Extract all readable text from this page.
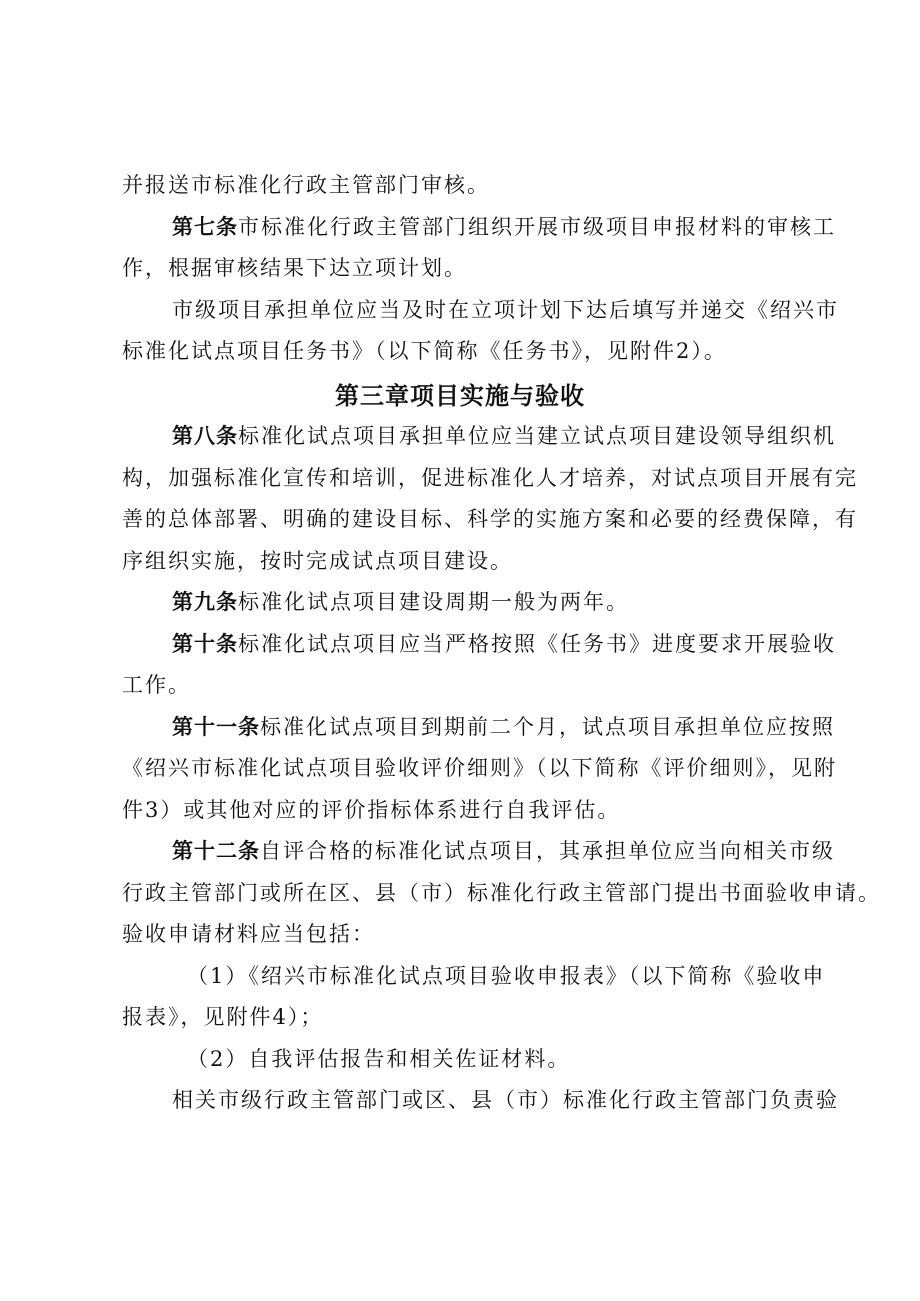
并报送市标准化行政主管部门审核。
第七条市标准化行政主管部门组织开展市级项目申报材料的审核工
作，根据审核结果下达立项计划。
市级项目承担单位应当及时在立项计划下达后填写并递交《绍兴市
标准化试点项目任务书》（以下简称《任务书》，见附件2）。
第三章项目实施与验收
第八条标准化试点项目承担单位应当建立试点项目建设领导组织机
构，加强标准化宣传和培训，促进标准化人才培养，对试点项目开展有完
善的总体部署、明确的建设目标、科学的实施方案和必要的经费保障，有
序组织实施，按时完成试点项目建设。
第九条标准化试点项目建设周期一般为两年。
第十条标准化试点项目应当严格按照《任务书》进度要求开展验收
工作。
第十一条标准化试点项目到期前二个月，试点项目承担单位应按照
《绍兴市标准化试点项目验收评价细则》（以下简称《评价细则》，见附
件3）或其他对应的评价指标体系进行自我评估。
第十二条自评合格的标准化试点项目，其承担单位应当向相关市级
行政主管部门或所在区、县（市）标准化行政主管部门提出书面验收申请。
验收申请材料应当包括：
（1）《绍兴市标准化试点项目验收申报表》（以下简称《验收申
报表》，见附件4）；
（2）自我评估报告和相关佐证材料。
相关市级行政主管部门或区、县（市）标准化行政主管部门负责验
